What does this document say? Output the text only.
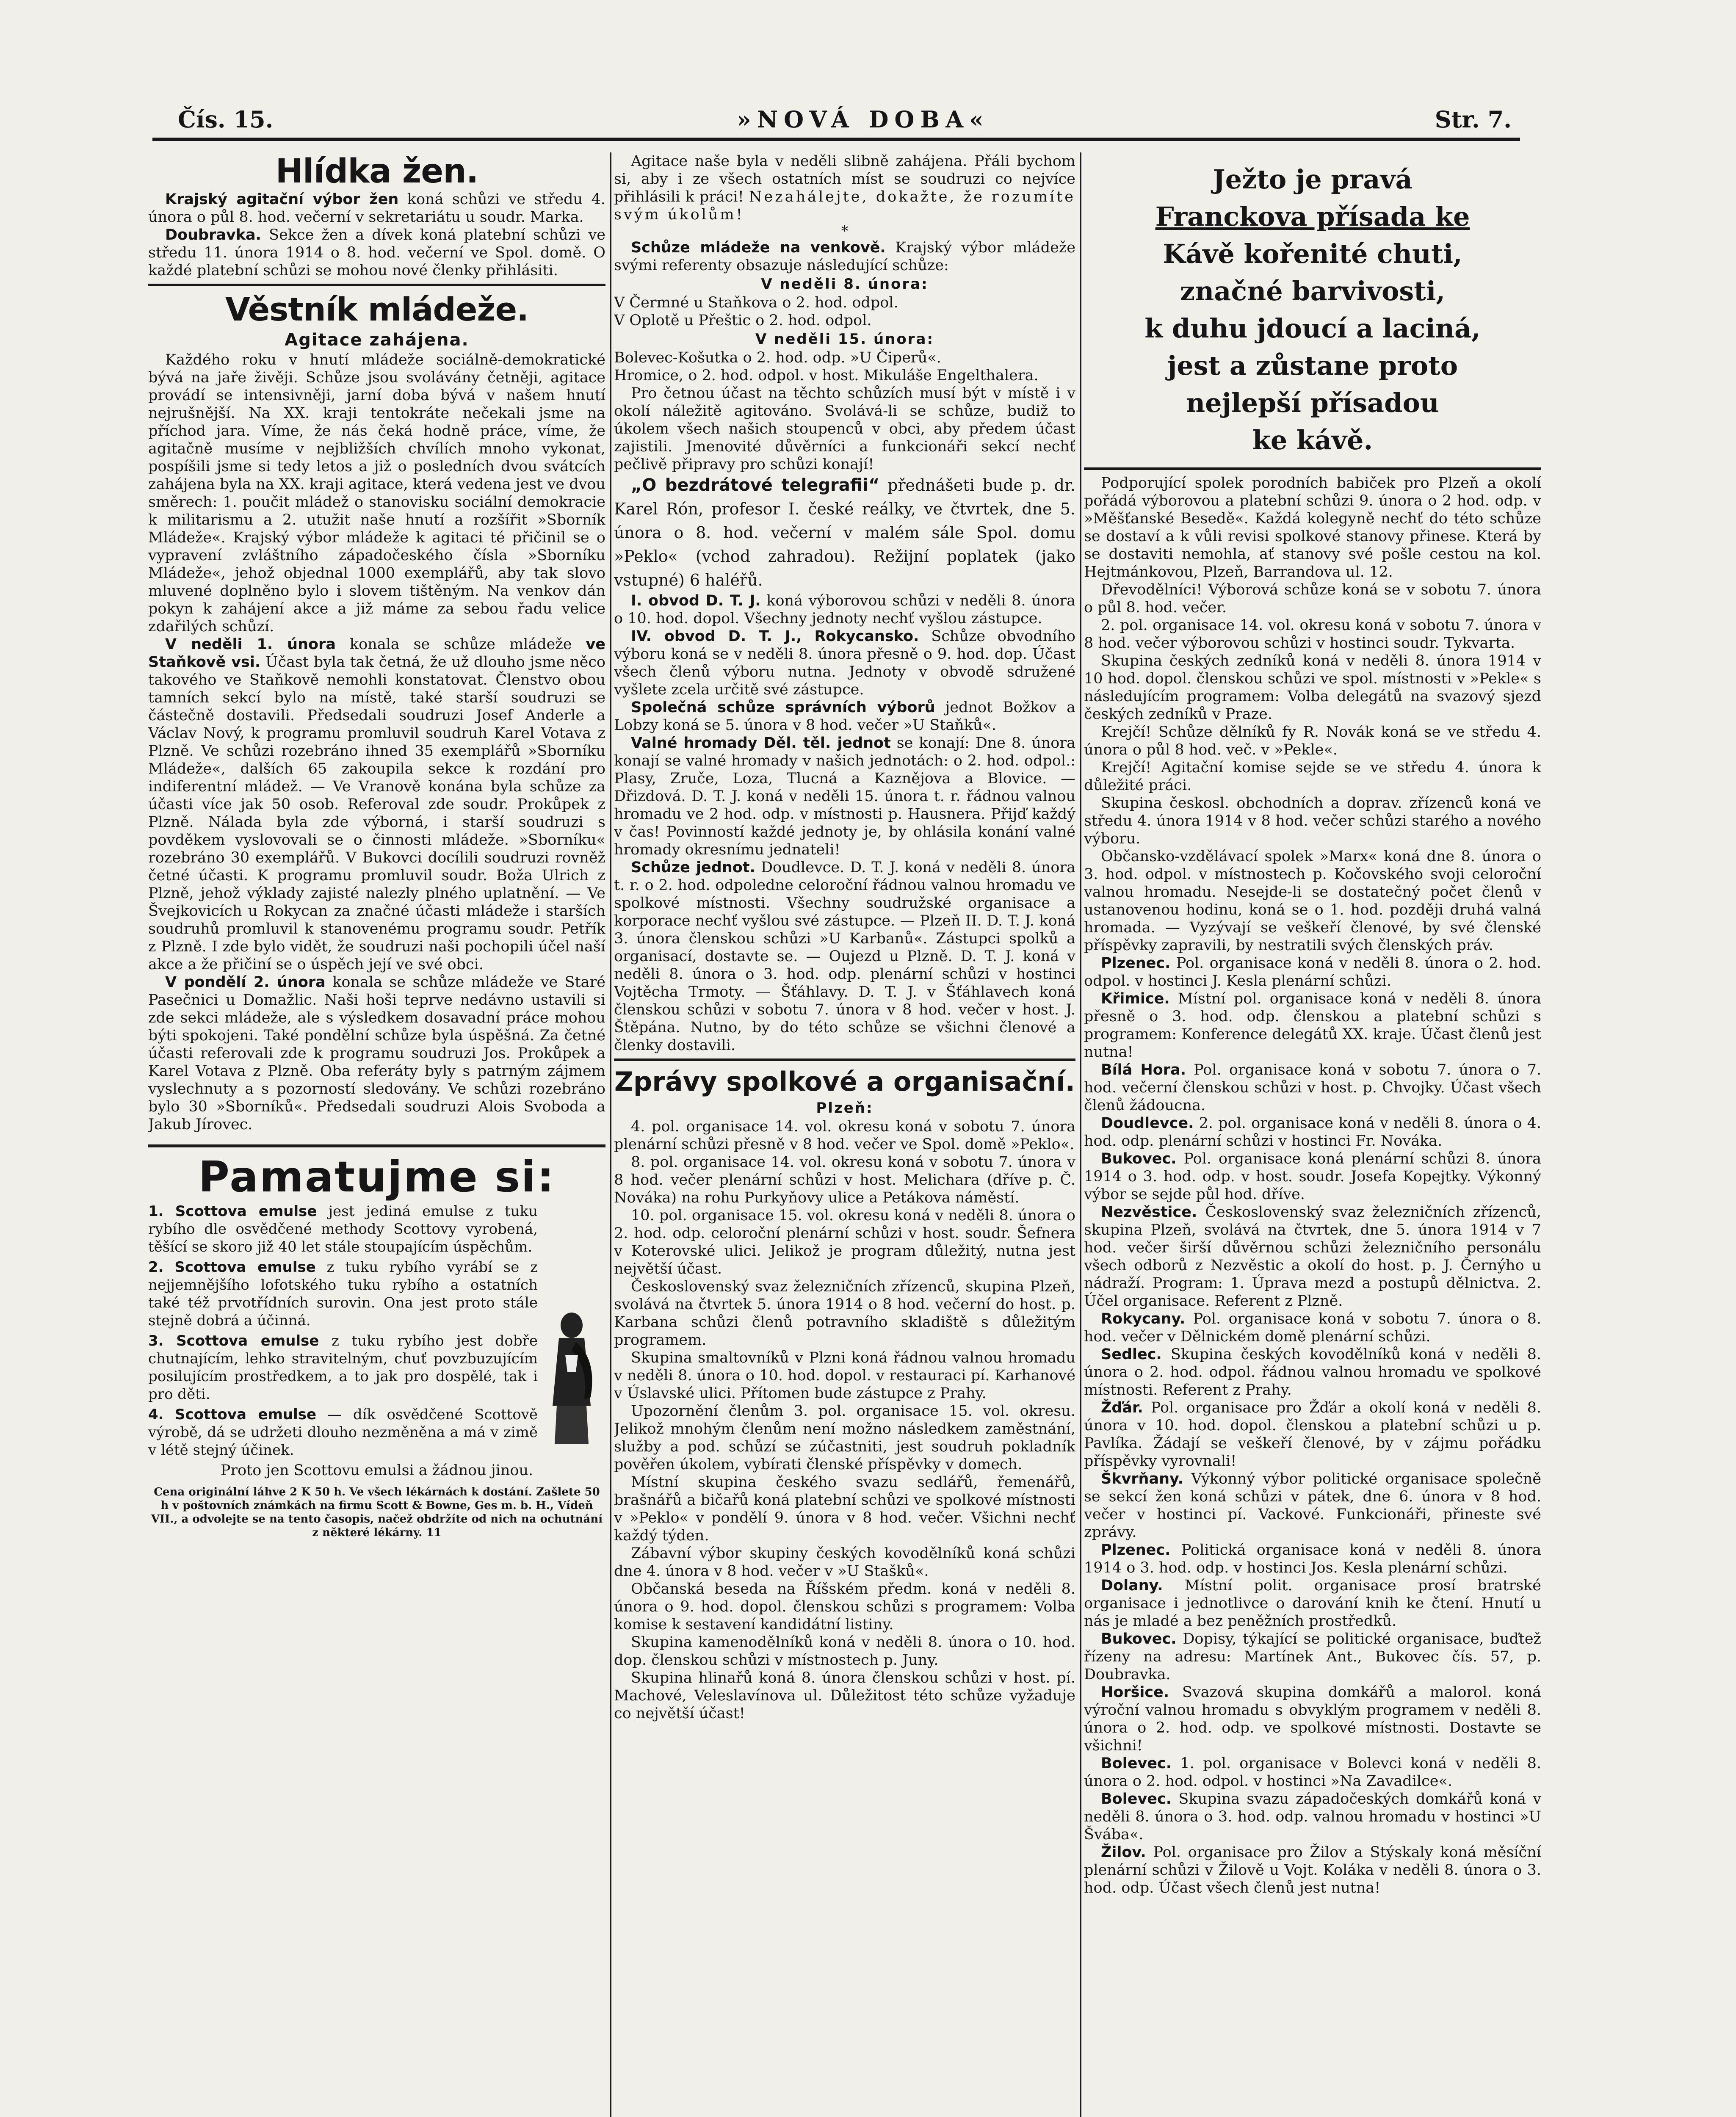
Čís. 15.	»NOVÁ DOBA«	Str. 7.

Hlídka žen.

Krajský agitační výbor žen koná schůzi ve středu 4. února o půl 8. hod. večerní v sekretariátu u soudr. Marka.

Doubravka. Sekce žen a dívek koná platební schůzi ve středu 11. února 1914 o 8. hod. večerní ve Spol. domě. O každé platební schůzi se mohou nové členky přihlásiti.

Věstník mládeže.

Agitace zahájena.

Každého roku v hnutí mládeže sociálně-demokratické bývá na jaře živěji. Schůze jsou svolávány četněji, agitace provádí se intensivněji, jarní doba bývá v našem hnutí nejrušnější. Na XX. kraji tentokráte nečekali jsme na příchod jara. Víme, že nás čeká hodně práce, víme, že agitačně musíme v nejbližších chvílích mnoho vykonat, pospíšili jsme si tedy letos a již o posledních dvou svátcích zahájena byla na XX. kraji agitace, která vedena jest ve dvou směrech: 1. poučit mládež o stanovisku sociální demokracie k militarismu a 2. utužit naše hnutí a rozšířit »Sborník Mládeže«. Krajský výbor mládeže k agitaci té přičinil se o vypravení zvláštního západočeského čísla »Sborníku Mládeže«, jehož objednal 1000 exemplářů, aby tak slovo mluvené doplněno bylo i slovem tištěným. Na venkov dán pokyn k zahájení akce a již máme za sebou řadu velice zdařilých schůzí.

V neděli 1. února konala se schůze mládeže ve Staňkově vsi. Účast byla tak četná, že už dlouho jsme něco takového ve Staňkově nemohli konstatovat. Členstvo obou tamních sekcí bylo na místě, také starší soudruzi se částečně dostavili. Předsedali soudruzi Josef Anderle a Václav Nový, k programu promluvil soudruh Karel Votava z Plzně. Ve schůzi rozebráno ihned 35 exemplářů »Sborníku Mládeže«, dalších 65 zakoupila sekce k rozdání pro indiferentní mládež. — Ve Vranově konána byla schůze za účasti více jak 50 osob. Referoval zde soudr. Prokůpek z Plzně. Nálada byla zde výborná, i starší soudruzi s povděkem vyslovovali se o činnosti mládeže. »Sborníku« rozebráno 30 exemplářů. V Bukovci docílili soudruzi rovněž četné účasti. K programu promluvil soudr. Boža Ulrich z Plzně, jehož výklady zajisté nalezly plného uplatnění. — Ve Švejkovicích u Rokycan za značné účasti mládeže i starších soudruhů promluvil k stanovenému programu soudr. Petřík z Plzně. I zde bylo vidět, že soudruzi naši pochopili účel naší akce a že přičiní se o úspěch její ve své obci.

V pondělí 2. února konala se schůze mládeže ve Staré Pasečnici u Domažlic. Naši hoši teprve nedávno ustavili si zde sekci mládeže, ale s výsledkem dosavadní práce mohou býti spokojeni. Také pondělní schůze byla úspěšná. Za četné účasti referovali zde k programu soudruzi Jos. Prokůpek a Karel Votava z Plzně. Oba referáty byly s patrným zájmem vyslechnuty a s pozorností sledovány. Ve schůzi rozebráno bylo 30 »Sborníků«. Předsedali soudruzi Alois Svoboda a Jakub Jírovec.

Pamatujme si:
1. Scottova emulse jest jediná emulse z tuku rybího dle osvědčené methody Scottovy vyrobená, těšící se skoro již 40 let stále stoupajícím úspěchům.
2. Scottova emulse z tuku rybího vyrábí se z nejjemnějšího lofotského tuku rybího a ostatních také též prvotřídních surovin. Ona jest proto stále stejně dobrá a účinná.
3. Scottova emulse z tuku rybího jest dobře chutnajícím, lehko stravitelným, chuť povzbuzujícím posilujícím prostředkem, a to jak pro dospělé, tak i pro děti.
4. Scottova emulse — dík osvědčené Scottově výrobě, dá se udržeti dlouho nezměněna a má v zimě v létě stejný účinek.

Proto jen Scottovu emulsi a žádnou jinou.

Cena originální láhve 2 K 50 h. Ve všech lékárnách k dostání. Zašlete 50 h v poštovních známkách na firmu Scott & Bowne, Ges m. b. H., Vídeň VII., a odvolejte se na tento časopis, načež obdržíte od nich na ochutnání z některé lékárny. 11

Agitace naše byla v neděli slibně zahájena. Přáli bychom si, aby i ze všech ostatních míst se soudruzi co nejvíce přihlásili k práci! Nezahálejte, dokažte, že rozumíte svým úkolům!

*

Schůze mládeže na venkově. Krajský výbor mládeže svými referenty obsazuje následující schůze:

V neděli 8. února:

V Čermné u Staňkova o 2. hod. odpol.

V Oplotě u Přeštic o 2. hod. odpol.

V neděli 15. února:

Bolevec-Košutka o 2. hod. odp. »U Čiperů«.

Hromice, o 2. hod. odpol. v host. Mikuláše Engelthalera.

Pro četnou účast na těchto schůzích musí být v místě i v okolí náležitě agitováno. Svolává-li se schůze, budiž to úkolem všech našich stoupenců v obci, aby předem účast zajistili. Jmenovité důvěrníci a funkcionáři sekcí nechť pečlivě připravy pro schůzi konají!

„O bezdrátové telegrafii“ přednášeti bude p. dr. Karel Rón, profesor I. české reálky, ve čtvrtek, dne 5. února o 8. hod. večerní v malém sále Spol. domu »Peklo« (vchod zahradou). Režijní poplatek (jako vstupné) 6 haléřů.

I. obvod D. T. J. koná výborovou schůzi v neděli 8. února o 10. hod. dopol. Všechny jednoty nechť vyšlou zástupce.

IV. obvod D. T. J., Rokycansko. Schůze obvodního výboru koná se v neděli 8. února přesně o 9. hod. dop. Účast všech členů výboru nutna. Jednoty v obvodě sdružené vyšlete zcela určitě své zástupce.

Společná schůze správních výborů jednot Božkov a Lobzy koná se 5. února v 8 hod. večer »U Staňků«.

Valné hromady Děl. těl. jednot se konají: Dne 8. února konají se valné hromady v našich jednotách: o 2. hod. odpol.: Plasy, Zruče, Loza, Tlucná a Kaznějova a Blovice. — Dřizdová. D. T. J. koná v neděli 15. února t. r. řádnou valnou hromadu ve 2 hod. odp. v místnosti p. Hausnera. Přijď každý v čas! Povinností každé jednoty je, by ohlásila konání valné hromady okresnímu jednateli!

Schůze jednot. Doudlevce. D. T. J. koná v neděli 8. února t. r. o 2. hod. odpoledne celoroční řádnou valnou hromadu ve spolkové místnosti. Všechny soudružské organisace a korporace nechť vyšlou své zástupce. — Plzeň II. D. T. J. koná 3. února členskou schůzi »U Karbanů«. Zástupci spolků a organisací, dostavte se. — Oujezd u Plzně. D. T. J. koná v neděli 8. února o 3. hod. odp. plenární schůzi v hostinci Vojtěcha Trmoty. — Šťáhlavy. D. T. J. v Šťáhlavech koná členskou schůzi v sobotu 7. února v 8 hod. večer v host. J. Štěpána. Nutno, by do této schůze se všichni členové a členky dostavili.

Zprávy spolkové a organisační.

Plzeň:

4. pol. organisace 14. vol. okresu koná v sobotu 7. února plenární schůzi přesně v 8 hod. večer ve Spol. domě »Peklo«.

8. pol. organisace 14. vol. okresu koná v sobotu 7. února v 8 hod. večer plenární schůzi v host. Melichara (dříve p. Č. Nováka) na rohu Purkyňovy ulice a Petákova náměstí.

10. pol. organisace 15. vol. okresu koná v neděli 8. února o 2. hod. odp. celoroční plenární schůzi v host. soudr. Šefnera v Koterovské ulici. Jelikož je program důležitý, nutna jest největší účast.

Československý svaz železničních zřízenců, skupina Plzeň, svolává na čtvrtek 5. února 1914 o 8 hod. večerní do host. p. Karbana schůzi členů potravního skladiště s důležitým programem.

Skupina smaltovníků v Plzni koná řádnou valnou hromadu v neděli 8. února o 10. hod. dopol. v restauraci pí. Karhanové v Úslavské ulici. Přítomen bude zástupce z Prahy.

Upozornění členům 3. pol. organisace 15. vol. okresu. Jelikož mnohým členům není možno následkem zaměstnání, služby a pod. schůzí se zúčastniti, jest soudruh pokladník pověřen úkolem, vybírati členské příspěvky v domech.

Místní skupina českého svazu sedlářů, řemenářů, brašnářů a bičařů koná platební schůzi ve spolkové místnosti v »Peklo« v pondělí 9. února v 8 hod. večer. Všichni nechť každý týden.

Zábavní výbor skupiny českých kovodělníků koná schůzi dne 4. února v 8 hod. večer v »U Stašků«.

Občanská beseda na Říšském předm. koná v neděli 8. února o 9. hod. dopol. členskou schůzi s programem: Volba komise k sestavení kandidátní listiny.

Skupina kamenodělníků koná v neděli 8. února o 10. hod. dop. členskou schůzi v místnostech p. Juny.

Skupina hlinařů koná 8. února členskou schůzi v host. pí. Machové, Veleslavínova ul. Důležitost této schůze vyžaduje co největší účast!

Ježto je pravá
Franckova přísada ke
Kávě kořenité chuti,
značné barvivosti,
k duhu jdoucí a laciná,
jest a zůstane proto
nejlepší přísadou
ke kávě.

Podporující spolek porodních babiček pro Plzeň a okolí pořádá výborovou a platební schůzi 9. února o 2 hod. odp. v »Měšťanské Besedě«. Každá kolegyně nechť do této schůze se dostaví a k vůli revisi spolkové stanovy přinese. Která by se dostaviti nemohla, ať stanovy své pošle cestou na kol. Hejtmánkovou, Plzeň, Barrandova ul. 12.

Dřevodělníci! Výborová schůze koná se v sobotu 7. února o půl 8. hod. večer.

2. pol. organisace 14. vol. okresu koná v sobotu 7. února v 8 hod. večer výborovou schůzi v hostinci soudr. Tykvarta.

Skupina českých zedníků koná v neděli 8. února 1914 v 10 hod. dopol. členskou schůzi ve spol. místnosti v »Pekle« s následujícím programem: Volba delegátů na svazový sjezd českých zedníků v Praze.

Krejčí! Schůze dělníků fy R. Novák koná se ve středu 4. února o půl 8 hod. več. v »Pekle«.

Krejčí! Agitační komise sejde se ve středu 4. února k důležité práci.

Skupina českosl. obchodních a doprav. zřízenců koná ve středu 4. února 1914 v 8 hod. večer schůzi starého a nového výboru.

Občansko-vzdělávací spolek »Marx« koná dne 8. února o 3. hod. odpol. v místnostech p. Kočovského svoji celoroční valnou hromadu. Nesejde-li se dostatečný počet členů v ustanovenou hodinu, koná se o 1. hod. později druhá valná hromada. — Vyzývají se veškeří členové, by své členské příspěvky zapravili, by nestratili svých členských práv.

Plzenec. Pol. organisace koná v neděli 8. února o 2. hod. odpol. v hostinci J. Kesla plenární schůzi.

Křimice. Místní pol. organisace koná v neděli 8. února přesně o 3. hod. odp. členskou a platební schůzi s programem: Konference delegátů XX. kraje. Účast členů jest nutna!

Bílá Hora. Pol. organisace koná v sobotu 7. února o 7. hod. večerní členskou schůzi v host. p. Chvojky. Účast všech členů žádoucna.

Doudlevce. 2. pol. organisace koná v neděli 8. února o 4. hod. odp. plenární schůzi v hostinci Fr. Nováka.

Bukovec. Pol. organisace koná plenární schůzi 8. února 1914 o 3. hod. odp. v host. soudr. Josefa Kopejtky. Výkonný výbor se sejde půl hod. dříve.

Nezvěstice. Československý svaz železničních zřízenců, skupina Plzeň, svolává na čtvrtek, dne 5. února 1914 v 7 hod. večer širší důvěrnou schůzi železničního personálu všech odborů z Nezvěstic a okolí do host. p. J. Černýho u nádraží. Program: 1. Úprava mezd a postupů dělnictva. 2. Účel organisace. Referent z Plzně.

Rokycany. Pol. organisace koná v sobotu 7. února o 8. hod. večer v Dělnickém domě plenární schůzi.

Sedlec. Skupina českých kovodělníků koná v neděli 8. února o 2. hod. odpol. řádnou valnou hromadu ve spolkové místnosti. Referent z Prahy.

Žďár. Pol. organisace pro Žďár a okolí koná v neděli 8. února v 10. hod. dopol. členskou a platební schůzi u p. Pavlíka. Žádají se veškeří členové, by v zájmu pořádku příspěvky vyrovnali!

Škvrňany. Výkonný výbor politické organisace společně se sekcí žen koná schůzi v pátek, dne 6. února v 8 hod. večer v hostinci pí. Vackové. Funkcionáři, přineste své zprávy.

Plzenec. Politická organisace koná v neděli 8. února 1914 o 3. hod. odp. v hostinci Jos. Kesla plenární schůzi.

Dolany. Místní polit. organisace prosí bratrské organisace i jednotlivce o darování knih ke čtení. Hnutí u nás je mladé a bez peněžních prostředků.

Bukovec. Dopisy, týkající se politické organisace, buďtež řízeny na adresu: Martínek Ant., Bukovec čís. 57, p. Doubravka.

Horšice. Svazová skupina domkářů a malorol. koná výroční valnou hromadu s obvyklým programem v neděli 8. února o 2. hod. odp. ve spolkové místnosti. Dostavte se všichni!

Bolevec. 1. pol. organisace v Bolevci koná v neděli 8. února o 2. hod. odpol. v hostinci »Na Zavadilce«.

Bolevec. Skupina svazu západočeských domkářů koná v neděli 8. února o 3. hod. odp. valnou hromadu v hostinci »U Švába«.

Žilov. Pol. organisace pro Žilov a Stýskaly koná měsíční plenární schůzi v Žilově u Vojt. Koláka v neděli 8. února o 3. hod. odp. Účast všech členů jest nutna!
